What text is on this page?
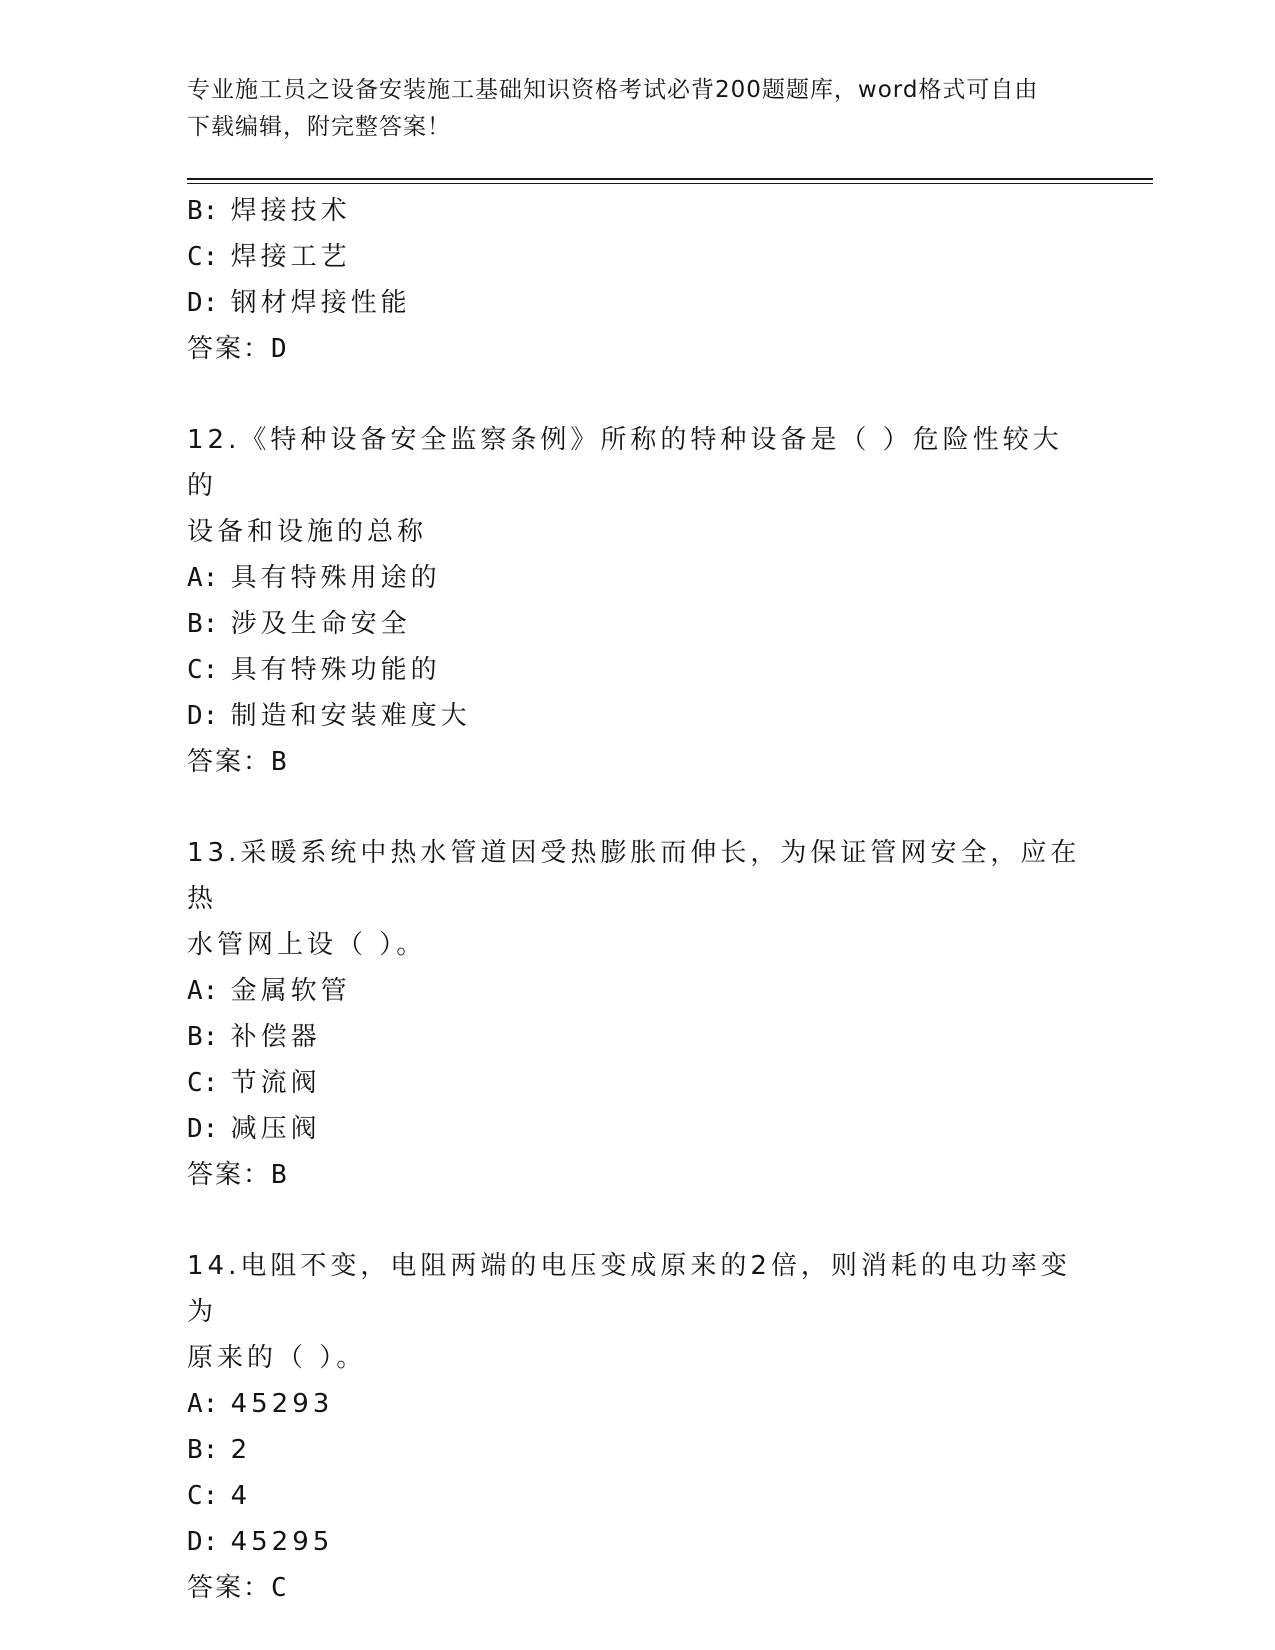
专业施工员之设备安装施工基础知识资格考试必背200题题库，word格式可自由
下载编辑，附完整答案！
B: 焊接技术
C: 焊接工艺
D: 钢材焊接性能
答案：D
12.《特种设备安全监察条例》所称的特种设备是（ ）危险性较大的
设备和设施的总称
A: 具有特殊用途的
B: 涉及生命安全
C: 具有特殊功能的
D: 制造和安装难度大
答案：B
13.采暖系统中热水管道因受热膨胀而伸长，为保证管网安全，应在热
水管网上设（ ）。
A: 金属软管
B: 补偿器
C: 节流阀
D: 减压阀
答案：B
14.电阻不变，电阻两端的电压变成原来的2倍，则消耗的电功率变为
原来的（ ）。
A: 45293
B: 2
C: 4
D: 45295
答案：C
